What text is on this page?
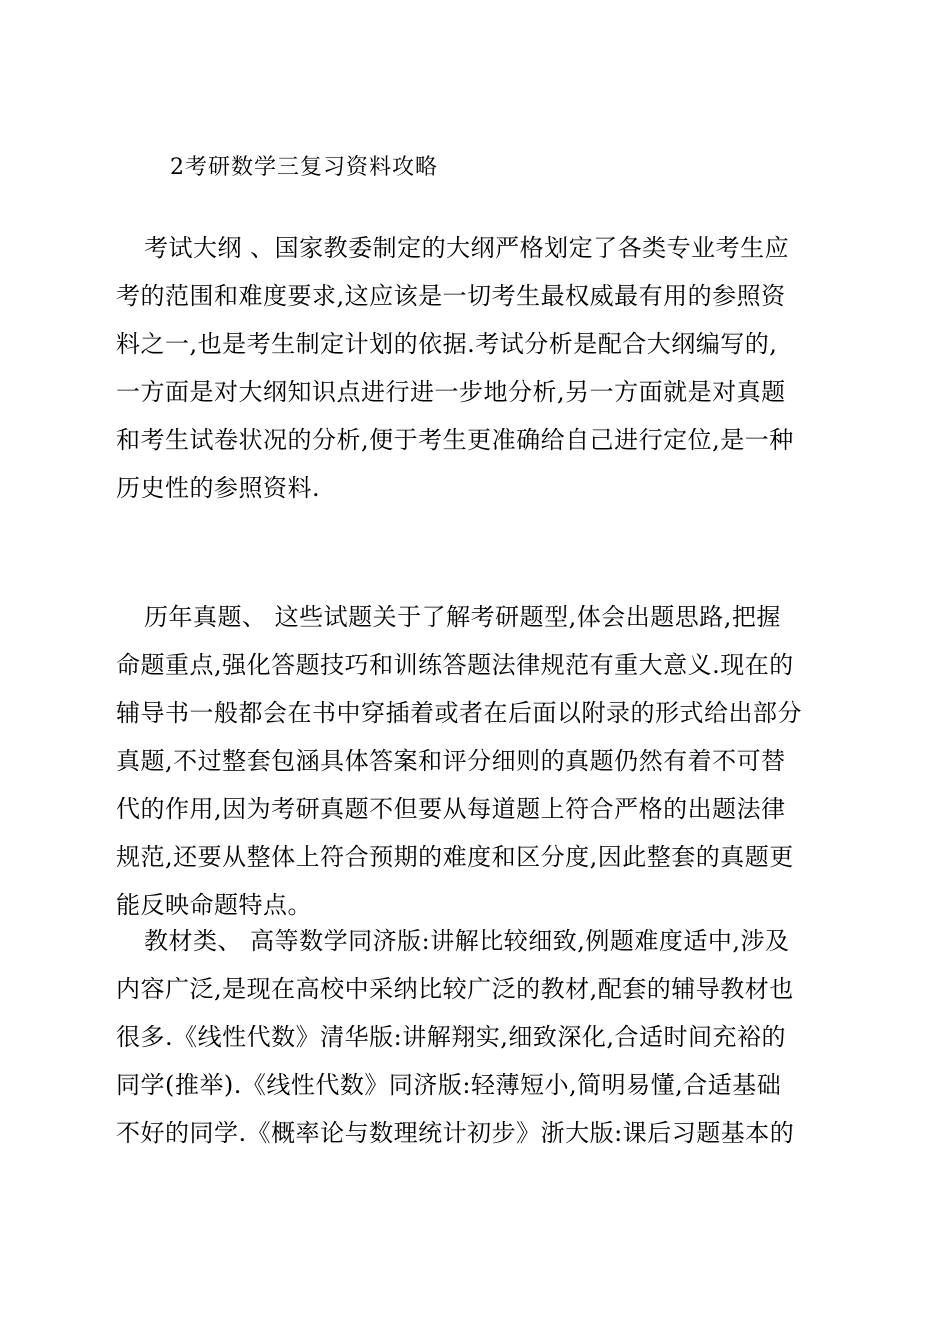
2考研数学三复习资料攻略
考试大纲 、国家教委制定的大纲严格划定了各类专业考生应
考的范围和难度要求,这应该是一切考生最权威最有用的参照资
料之一,也是考生制定计划的依据.考试分析是配合大纲编写的,
一方面是对大纲知识点进行进一步地分析,另一方面就是对真题
和考生试卷状况的分析,便于考生更准确给自己进行定位,是一种
历史性的参照资料.
历年真题、 这些试题关于了解考研题型,体会出题思路,把握
命题重点,强化答题技巧和训练答题法律规范有重大意义.现在的
辅导书一般都会在书中穿插着或者在后面以附录的形式给出部分
真题,不过整套包涵具体答案和评分细则的真题仍然有着不可替
代的作用,因为考研真题不但要从每道题上符合严格的出题法律
规范,还要从整体上符合预期的难度和区分度,因此整套的真题更
能反映命题特点。
教材类、 高等数学同济版:讲解比较细致,例题难度适中,涉及
内容广泛,是现在高校中采纳比较广泛的教材,配套的辅导教材也
很多.《线性代数》清华版:讲解翔实,细致深化,合适时间充裕的
同学(推举).《线性代数》同济版:轻薄短小,简明易懂,合适基础
不好的同学.《概率论与数理统计初步》浙大版:课后习题基本的
